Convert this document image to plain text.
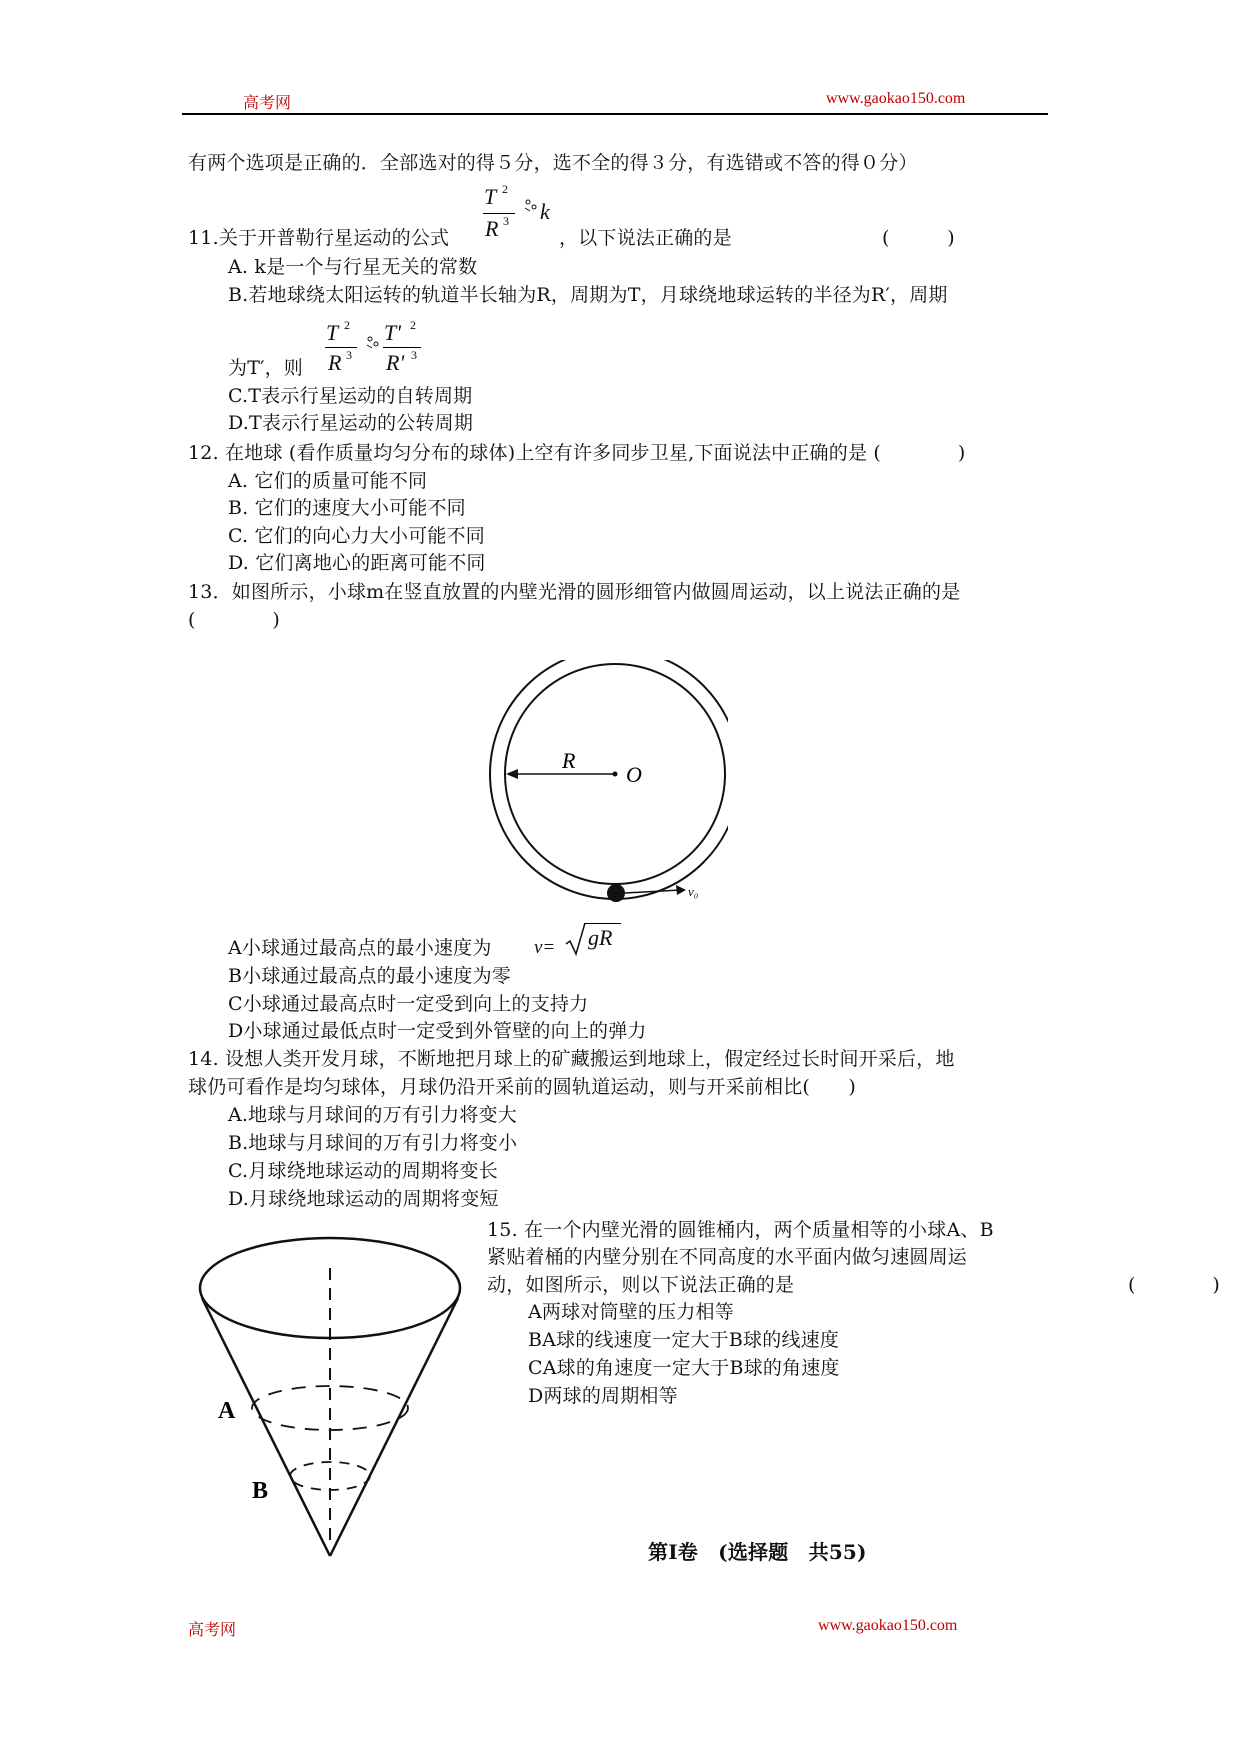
高考网	www.gaokao150.com
有两个选项是正确的．全部选对的得５分，选不全的得３分，有选错或不答的得０分）
11.关于开普勒行星运动的公式
T 2
R 3 k
，以下说法正确的是	(　　　)
A. k是一个与行星无关的常数
B.若地球绕太阳运转的轨道半长轴为R，周期为T，月球绕地球运转的半径为R′，周期
为T′，则
T 2
R 3
T' 2
R' 3
C.T表示行星运动的自转周期
D.T表示行星运动的公转周期
12. 在地球 (看作质量均匀分布的球体)上空有许多同步卫星,下面说法中正确的是 (　　　　)
A. 它们的质量可能不同
B. 它们的速度大小可能不同
C. 它们的向心力大小可能不同
D. 它们离地心的距离可能不同
13．如图所示，小球m在竖直放置的内壁光滑的圆形细管内做圆周运动，以上说法正确的是
(　　　　)
R
O
v₀
A小球通过最高点的最小速度为 v= gR
B小球通过最高点的最小速度为零
C小球通过最高点时一定受到向上的支持力
D小球通过最低点时一定受到外管壁的向上的弹力
14. 设想人类开发月球，不断地把月球上的矿藏搬运到地球上，假定经过长时间开采后，地
球仍可看作是均匀球体，月球仍沿开采前的圆轨道运动，则与开采前相比(　　)
A.地球与月球间的万有引力将变大
B.地球与月球间的万有引力将变小
C.月球绕地球运动的周期将变长
D.月球绕地球运动的周期将变短
A
B
15. 在一个内壁光滑的圆锥桶内，两个质量相等的小球A、B
紧贴着桶的内壁分别在不同高度的水平面内做匀速圆周运
动，如图所示，则以下说法正确的是	(　　　　)
A两球对筒壁的压力相等
BA球的线速度一定大于B球的线速度
CA球的角速度一定大于B球的角速度
D两球的周期相等
第Ⅰ卷　(选择题　共55)
高考网	www.gaokao150.com
